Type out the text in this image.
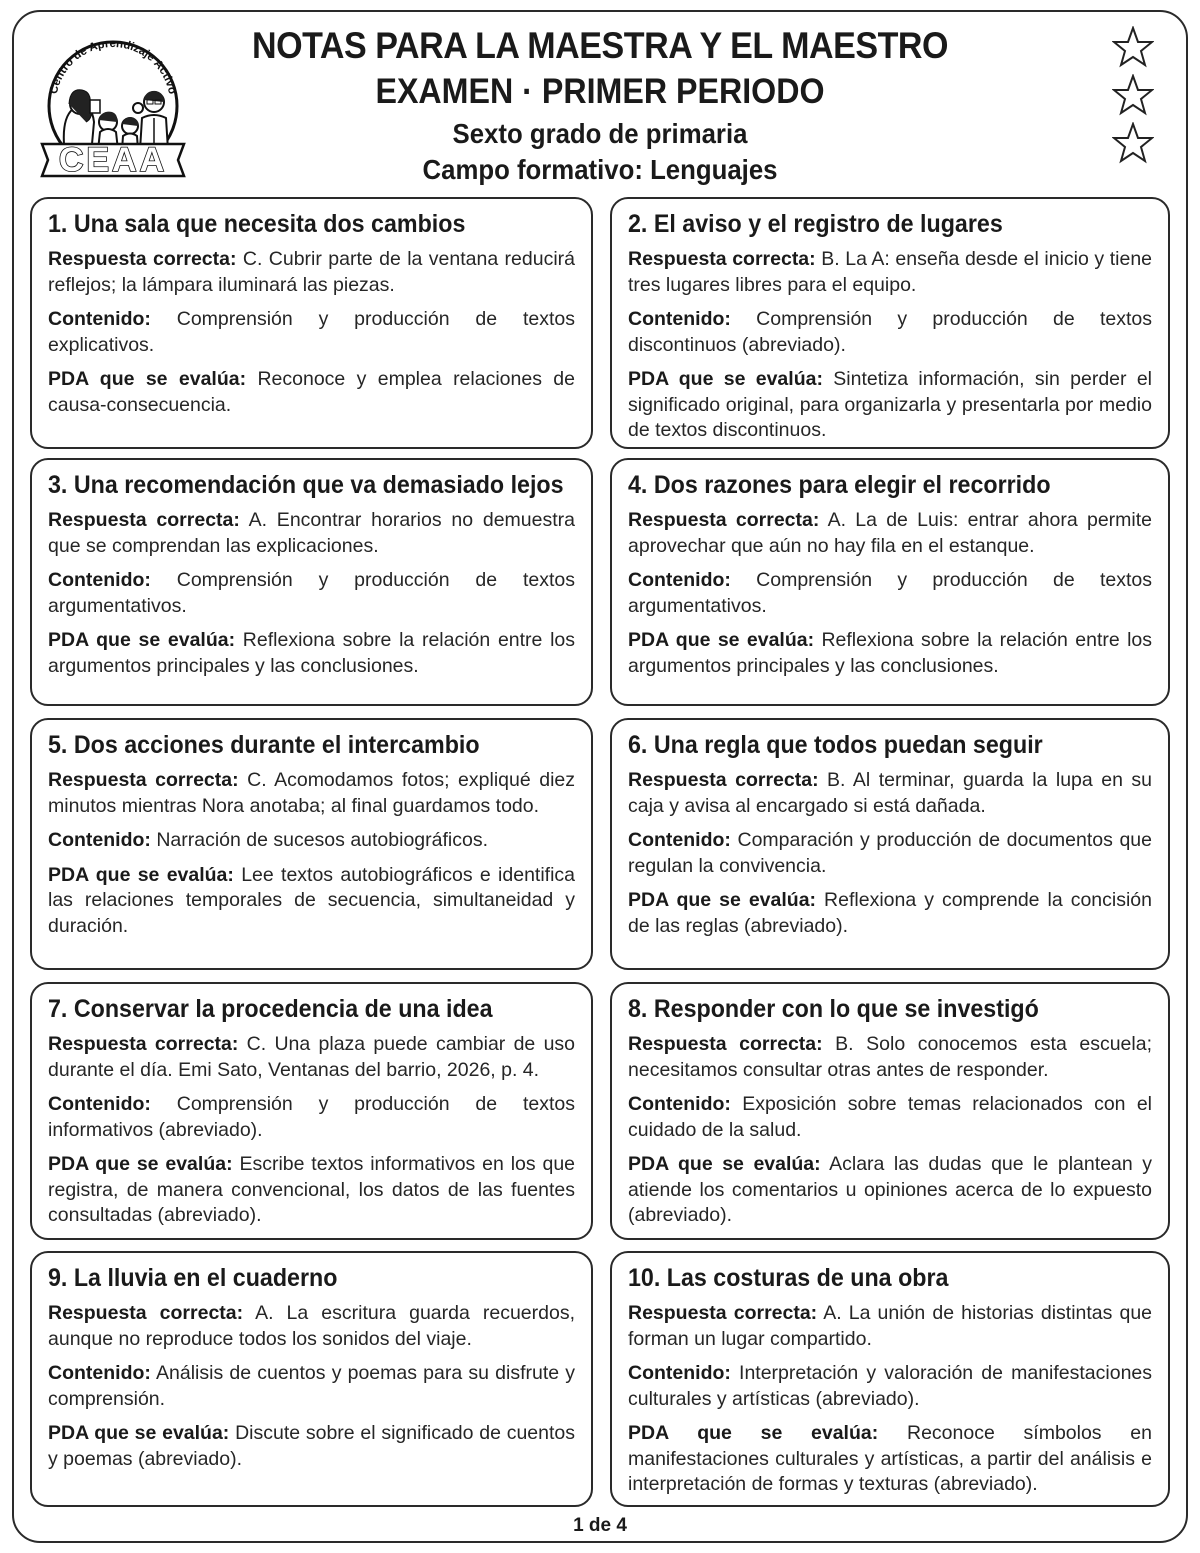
Centro de Aprendizaje Activo
CEAA
NOTAS PARA LA MAESTRA Y EL MAESTRO
EXAMEN · PRIMER PERIODO
Sexto grado de primaria
Campo formativo: Lenguajes
1. Una sala que necesita dos cambios

Respuesta correcta: C. Cubrir parte de la ventana reducirá reflejos; la lámpara iluminará las piezas.

Contenido: Comprensión y producción de textos explicativos.

PDA que se evalúa: Reconoce y emplea relaciones de causa-consecuencia.

2. El aviso y el registro de lugares

Respuesta correcta: B. La A: enseña desde el inicio y tiene tres lugares libres para el equipo.

Contenido: Comprensión y producción de textos discontinuos (abreviado).

PDA que se evalúa: Sintetiza información, sin perder el significado original, para organizarla y presentarla por medio de textos discontinuos.

3. Una recomendación que va demasiado lejos

Respuesta correcta: A. Encontrar horarios no demuestra que se comprendan las explicaciones.

Contenido: Comprensión y producción de textos argumentativos.

PDA que se evalúa: Reflexiona sobre la relación entre los argumentos principales y las conclusiones.

4. Dos razones para elegir el recorrido

Respuesta correcta: A. La de Luis: entrar ahora permite aprovechar que aún no hay fila en el estanque.

Contenido: Comprensión y producción de textos argumentativos.

PDA que se evalúa: Reflexiona sobre la relación entre los argumentos principales y las conclusiones.

5. Dos acciones durante el intercambio

Respuesta correcta: C. Acomodamos fotos; expliqué diez minutos mientras Nora anotaba; al final guardamos todo.

Contenido: Narración de sucesos autobiográficos.

PDA que se evalúa: Lee textos autobiográficos e identifica las relaciones temporales de secuencia, simultaneidad y duración.

6. Una regla que todos puedan seguir

Respuesta correcta: B. Al terminar, guarda la lupa en su caja y avisa al encargado si está dañada.

Contenido: Comparación y producción de documentos que regulan la convivencia.

PDA que se evalúa: Reflexiona y comprende la concisión de las reglas (abreviado).

7. Conservar la procedencia de una idea

Respuesta correcta: C. Una plaza puede cambiar de uso durante el día. Emi Sato, Ventanas del barrio, 2026, p. 4.

Contenido: Comprensión y producción de textos informativos (abreviado).

PDA que se evalúa: Escribe textos informativos en los que registra, de manera convencional, los datos de las fuentes consultadas (abreviado).

8. Responder con lo que se investigó

Respuesta correcta: B. Solo conocemos esta escuela; necesitamos consultar otras antes de responder.

Contenido: Exposición sobre temas relacionados con el cuidado de la salud.

PDA que se evalúa: Aclara las dudas que le plantean y atiende los comentarios u opiniones acerca de lo expuesto (abreviado).

9. La lluvia en el cuaderno

Respuesta correcta: A. La escritura guarda recuerdos, aunque no reproduce todos los sonidos del viaje.

Contenido: Análisis de cuentos y poemas para su disfrute y comprensión.

PDA que se evalúa: Discute sobre el significado de cuentos y poemas (abreviado).

10. Las costuras de una obra

Respuesta correcta: A. La unión de historias distintas que forman un lugar compartido.

Contenido: Interpretación y valoración de manifestaciones culturales y artísticas (abreviado).

PDA que se evalúa: Reconoce símbolos en manifestaciones culturales y artísticas, a partir del análisis e interpretación de formas y texturas (abreviado).

1 de 4
